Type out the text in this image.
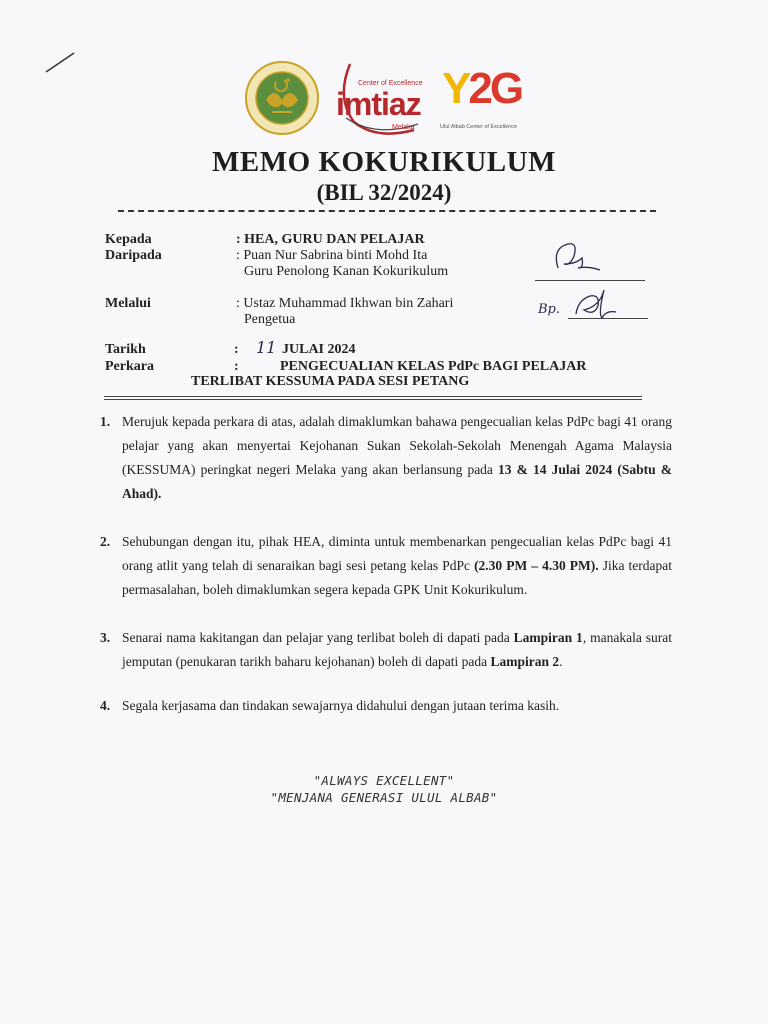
Center of Excellence
imtiaz
Melaka
Y2G
Ulul Albab Center of Excellence
MEMO KOKURIKULUM
(BIL 32/2024)
Kepada	: HEA, GURU DAN PELAJAR
Daripada	: Puan Nur Sabrina binti Mohd Ita
Guru Penolong Kanan Kokurikulum
Melalui	: Ustaz Muhammad Ikhwan bin Zahari
Pengetua
Bp.
Tarikh	: 11 JULAI 2024
Perkara	:	PENGECUALIAN KELAS PdPc BAGI PELAJAR
TERLIBAT KESSUMA PADA SESI PETANG
1. Merujuk kepada perkara di atas, adalah dimaklumkan bahawa pengecualian kelas PdPc bagi 41 orang pelajar yang akan menyertai Kejohanan Sukan Sekolah-Sekolah Menengah Agama Malaysia (KESSUMA) peringkat negeri Melaka yang akan berlansung pada 13 & 14 Julai 2024 (Sabtu & Ahad).
2. Sehubungan dengan itu, pihak HEA, diminta untuk membenarkan pengecualian kelas PdPc bagi 41 orang atlit yang telah di senaraikan bagi sesi petang kelas PdPc (2.30 PM – 4.30 PM). Jika terdapat permasalahan, boleh dimaklumkan segera kepada GPK Unit Kokurikulum.
3. Senarai nama kakitangan dan pelajar yang terlibat boleh di dapati pada Lampiran 1, manakala surat jemputan (penukaran tarikh baharu kejohanan) boleh di dapati pada Lampiran 2.
4. Segala kerjasama dan tindakan sewajarnya didahului dengan jutaan terima kasih.
"ALWAYS EXCELLENT"
"MENJANA GENERASI ULUL ALBAB"
